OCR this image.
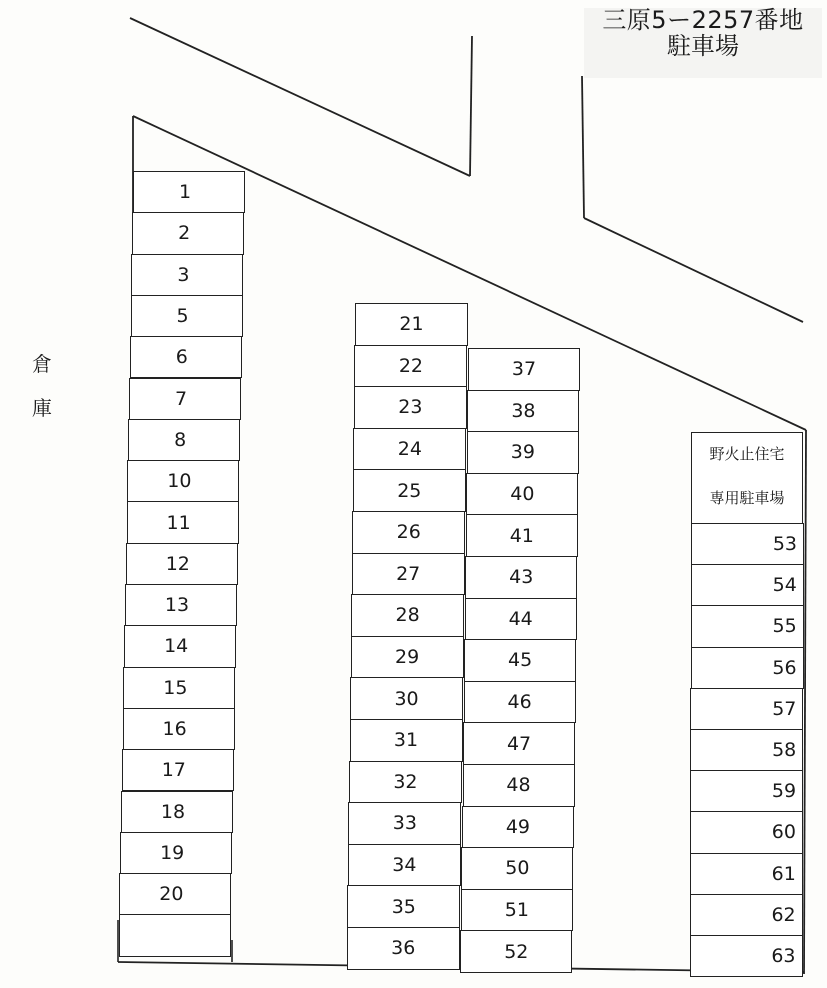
三原5ー2257番地
駐車場
倉
庫
野火止住宅
専用駐車場
1
2
3
5
6
7
8
10
11
12
13
14
15
16
17
18
19
20
21
22
23
24
25
26
27
28
29
30
31
32
33
34
35
36
37
38
39
40
41
43
44
45
46
47
48
49
50
51
52
53
54
55
56
57
58
59
60
61
62
63
